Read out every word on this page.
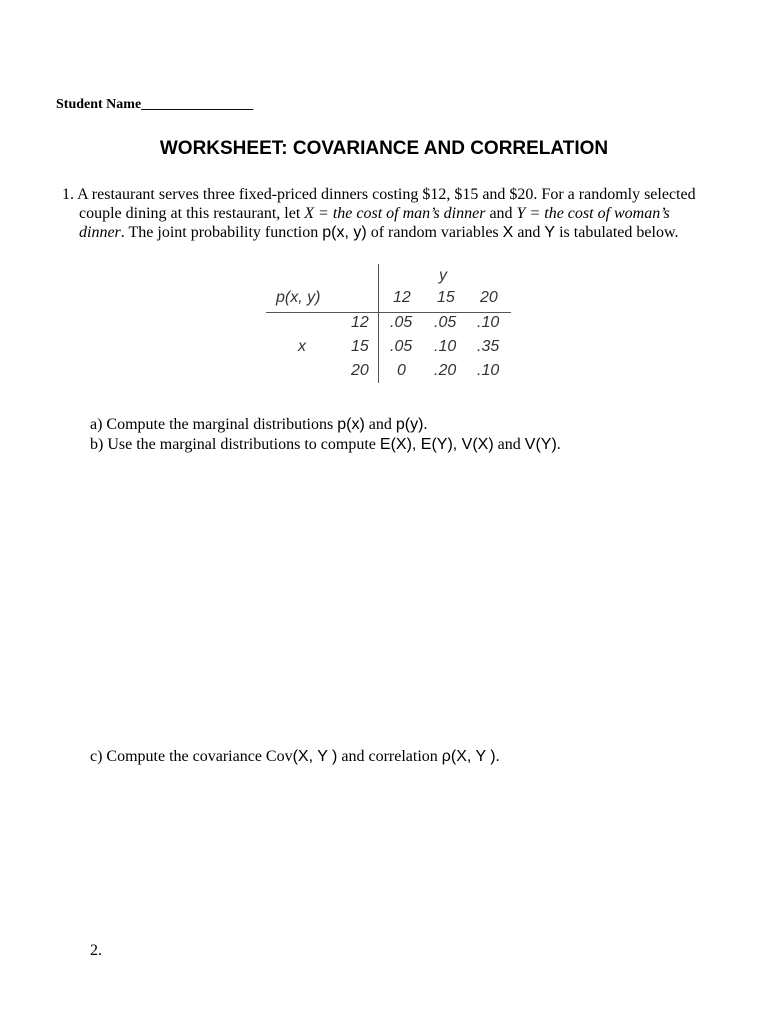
Student Name________________
WORKSHEET: COVARIANCE AND CORRELATION
1. A restaurant serves three fixed-priced dinners costing $12, $15 and $20. For a randomly selected
couple dining at this restaurant, let X = the cost of man’s dinner and Y = the cost of woman’s
dinner. The joint probability function p(x, y) of random variables X and Y is tabulated below.
p(x, y)
y
x
12 15 20
12
15
20
.05 .05 .10
.05 .10 .35
0 .20 .10
a) Compute the marginal distributions p(x) and p(y).
b) Use the marginal distributions to compute E(X), E(Y), V(X) and V(Y).
c) Compute the covariance Cov(X, Y ) and correlation ρ(X, Y ).
2.
